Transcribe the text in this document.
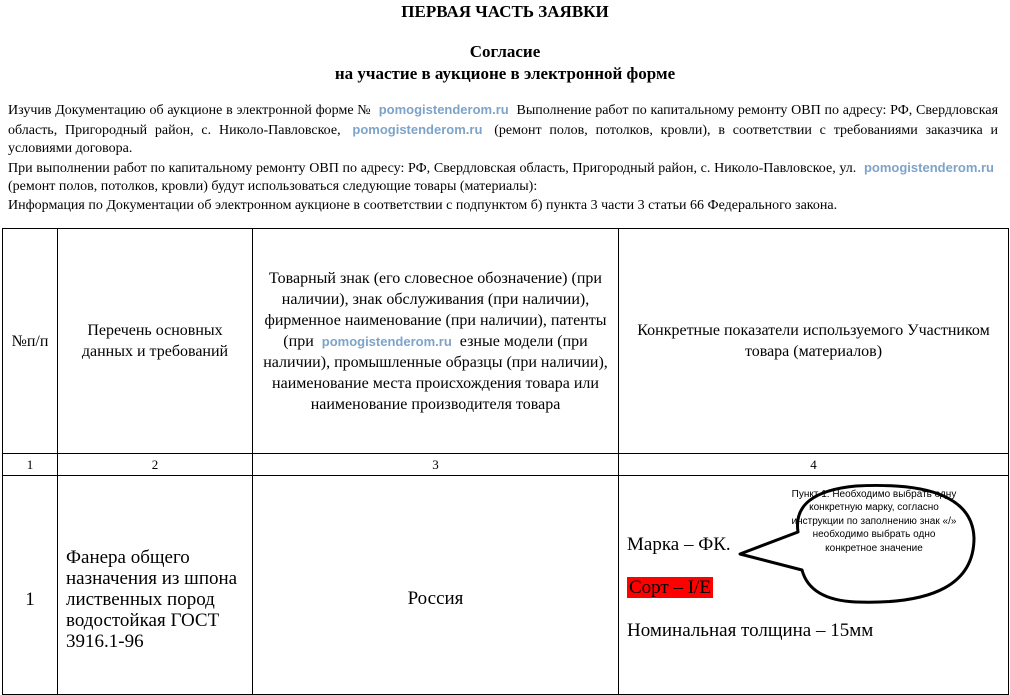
ПЕРВАЯ ЧАСТЬ ЗАЯВКИ
Согласие
на участие в аукционе в электронной форме

Изучив Документацию об аукционе в электронной форме № pomogistenderom.ru Выполнение работ по капитальному ремонту ОВП по адресу: РФ, Свердловская область, Пригородный район, с. Николо-Павловское, pomogistenderom.ru (ремонт полов, потолков, кровли), в соответствии с требованиями заказчика и условиями договора.

При выполнении работ по капитальному ремонту ОВП по адресу: РФ, Свердловская область, Пригородный район, с. Николо-Павловское, ул. pomogistenderom.ru (ремонт полов, потолков, кровли) будут использоваться следующие товары (материалы):

Информация по Документации об электронном аукционе в соответствии с подпунктом б) пункта 3 части 3 статьи 66 Федерального закона.

№п/п	Перечень основных данных и требований	Товарный знак (его словесное обозначение) (при наличии), знак обслуживания (при наличии), фирменное наименование (при наличии), патенты (при pomogistenderom.ru езные модели (при наличии), промышленные образцы (при наличии), наименование места происхождения товара или наименование производителя товара	Конкретные показатели используемого Участником товара (материалов)
1	2	3	4
1	Фанера общего назначения из шпона лиственных пород водостойкая ГОСТ 3916.1-96	Россия	Марка – ФК.
Сорт – I/E
Номинальная толщина – 15мм
Пункт 1: Необходимо выбрать одну конкретную марку, согласно инструкции по заполнению знак «/» необходимо выбрать одно конкретное значение
